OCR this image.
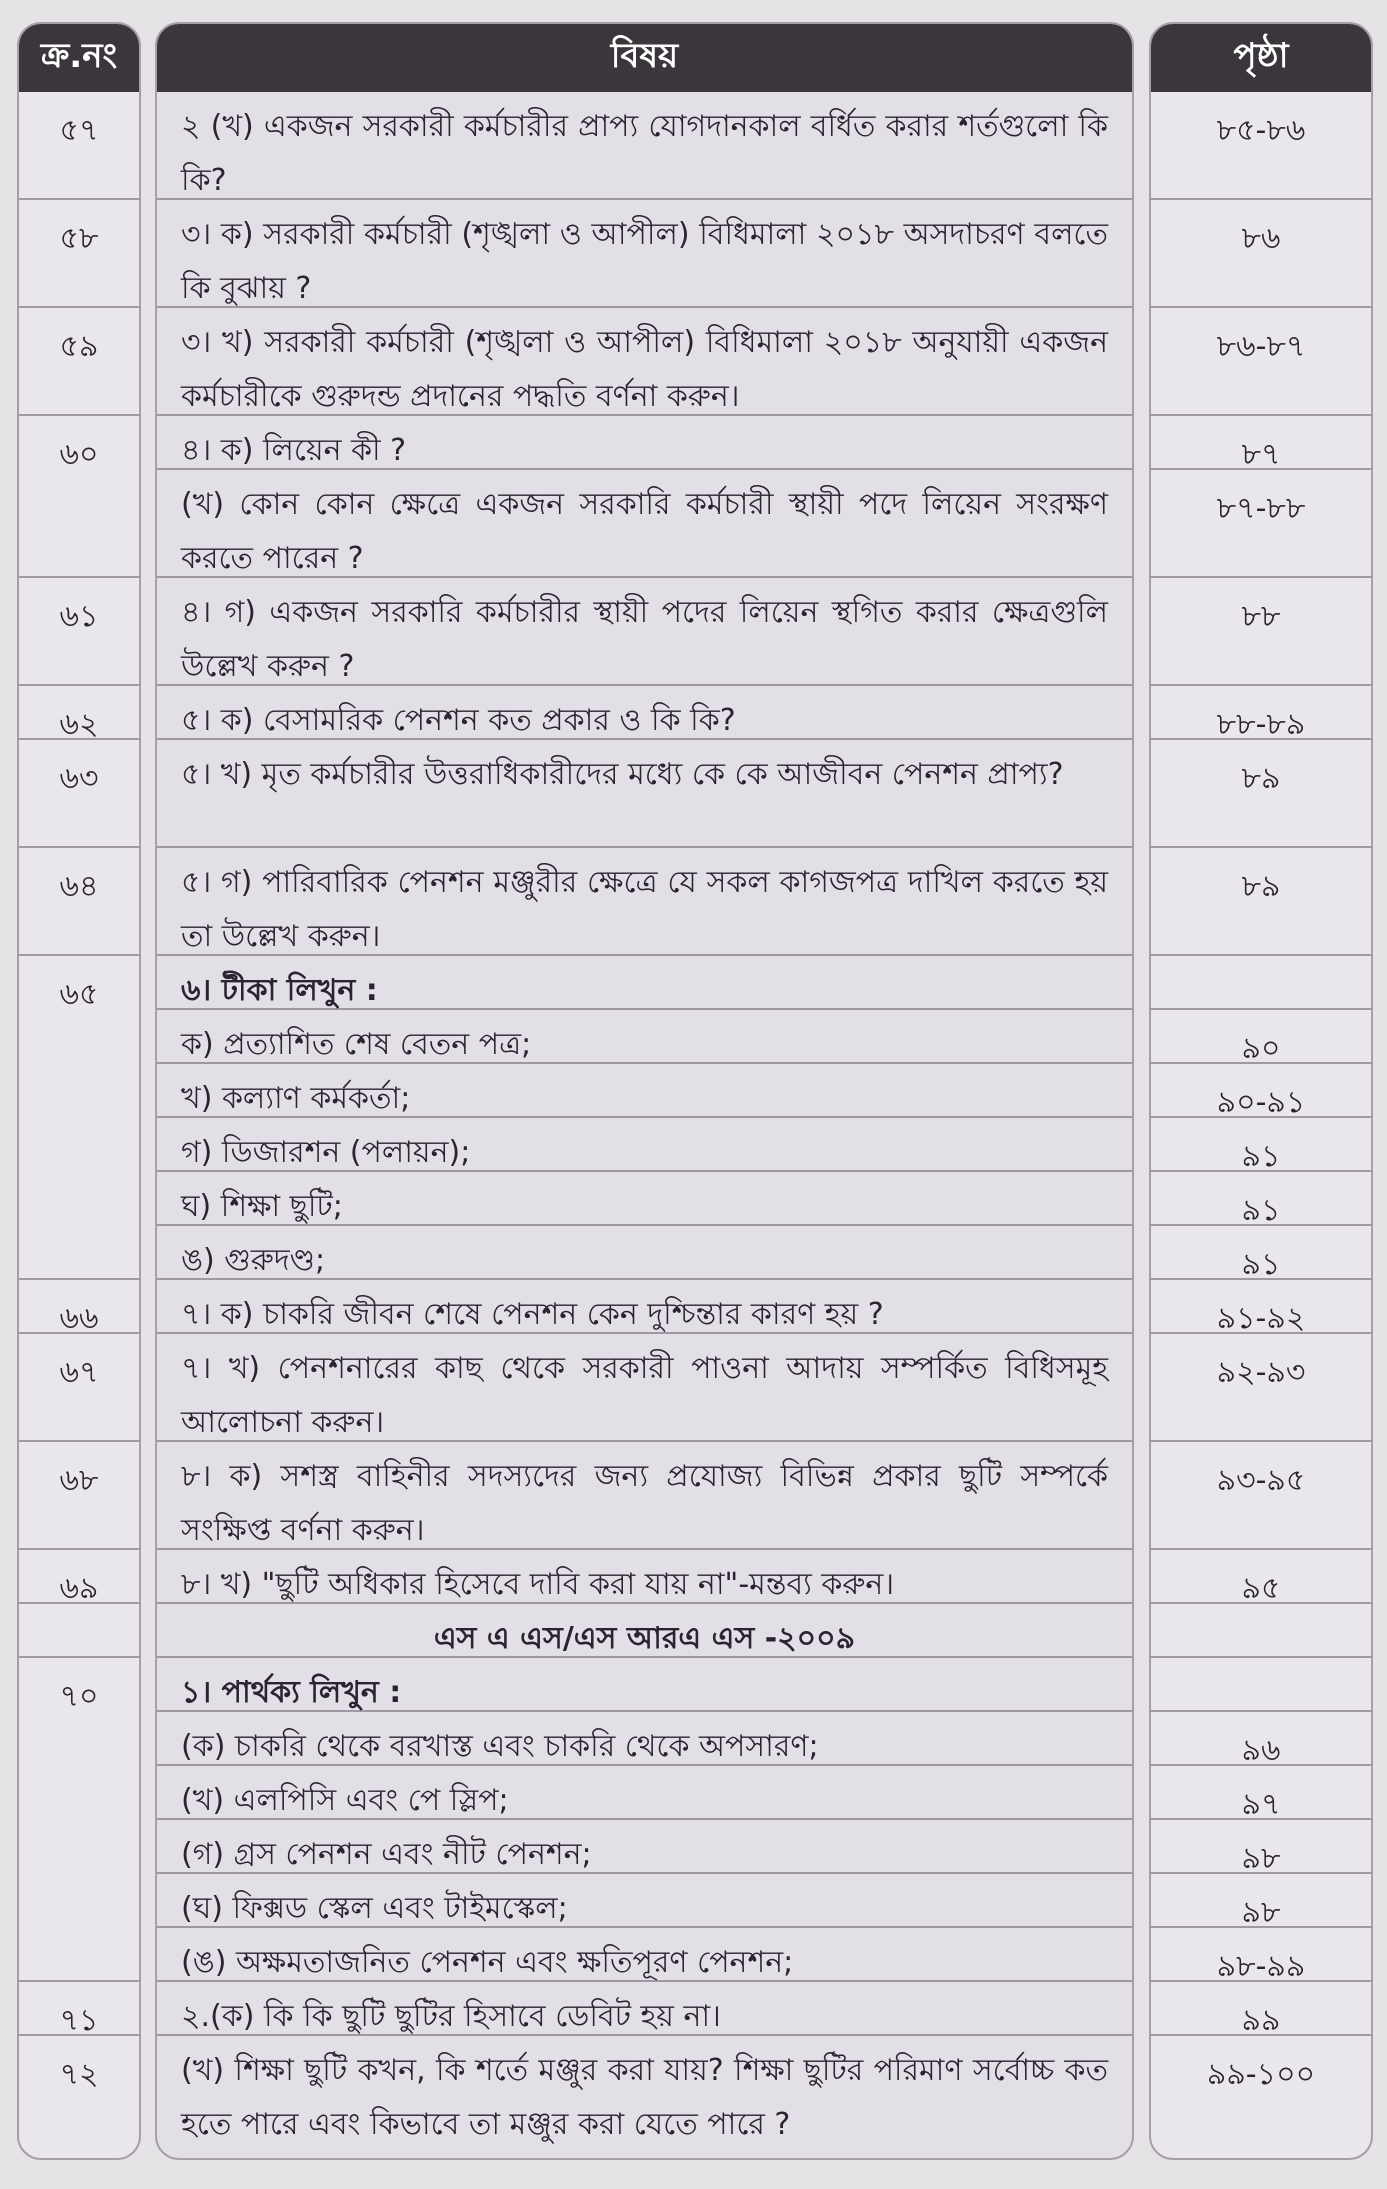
ক্র.নং
৫৭
৫৮
৫৯
৬০
৬১
৬২
৬৩
৬৪
৬৫
৬৬
৬৭
৬৮
৬৯
৭০
৭১
৭২
বিষয়
২ (খ) একজন সরকারী কর্মচারীর প্রাপ্য যোগদানকাল বর্ধিত করার শর্তগুলো কি কি?
৩। ক) সরকারী কর্মচারী (শৃঙ্খলা ও আপীল) বিধিমালা ২০১৮ অসদাচরণ বলতে কি বুঝায় ?
৩। খ) সরকারী কর্মচারী (শৃঙ্খলা ও আপীল) বিধিমালা ২০১৮ অনুযায়ী একজন কর্মচারীকে গুরুদন্ড প্রদানের পদ্ধতি বর্ণনা করুন।
৪। ক) লিয়েন কী ?
(খ) কোন কোন ক্ষেত্রে একজন সরকারি কর্মচারী স্থায়ী পদে লিয়েন সংরক্ষণ করতে পারেন ?
৪। গ) একজন সরকারি কর্মচারীর স্থায়ী পদের লিয়েন স্থগিত করার ক্ষেত্রগুলি উল্লেখ করুন ?
৫। ক) বেসামরিক পেনশন কত প্রকার ও কি কি?
৫। খ) মৃত কর্মচারীর উত্তরাধিকারীদের মধ্যে কে কে আজীবন পেনশন প্রাপ্য?
৫। গ) পারিবারিক পেনশন মঞ্জুরীর ক্ষেত্রে যে সকল কাগজপত্র দাখিল করতে হয় তা উল্লেখ করুন।
৬। টীকা লিখুন :
ক) প্রত্যাশিত শেষ বেতন পত্র;
খ) কল্যাণ কর্মকর্তা;
গ) ডিজারশন (পলায়ন);
ঘ) শিক্ষা ছুটি;
ঙ) গুরুদণ্ড;
৭। ক) চাকরি জীবন শেষে পেনশন কেন দুশ্চিন্তার কারণ হয় ?
৭। খ) পেনশনারের কাছ থেকে সরকারী পাওনা আদায় সম্পর্কিত বিধিসমূহ আলোচনা করুন।
৮। ক) সশস্ত্র বাহিনীর সদস্যদের জন্য প্রযোজ্য বিভিন্ন প্রকার ছুটি সম্পর্কে সংক্ষিপ্ত বর্ণনা করুন।
৮। খ) "ছুটি অধিকার হিসেবে দাবি করা যায় না"-মন্তব্য করুন।
এস এ এস/এস আরএ এস -২০০৯
১। পার্থক্য লিখুন :
(ক) চাকরি থেকে বরখাস্ত এবং চাকরি থেকে অপসারণ;
(খ) এলপিসি এবং পে স্লিপ;
(গ) গ্রস পেনশন এবং নীট পেনশন;
(ঘ) ফিক্সড স্কেল এবং টাইমস্কেল;
(ঙ) অক্ষমতাজনিত পেনশন এবং ক্ষতিপূরণ পেনশন;
২.(ক) কি কি ছুটি ছুটির হিসাবে ডেবিট হয় না।
(খ) শিক্ষা ছুটি কখন, কি শর্তে মঞ্জুর করা যায়? শিক্ষা ছুটির পরিমাণ সর্বোচ্চ কত হতে পারে এবং কিভাবে তা মঞ্জুর করা যেতে পারে ?
পৃষ্ঠা
৮৫-৮৬
৮৬
৮৬-৮৭
৮৭
৮৭-৮৮
৮৮
৮৮-৮৯
৮৯
৮৯
৯০
৯০-৯১
৯১
৯১
৯১
৯১-৯২
৯২-৯৩
৯৩-৯৫
৯৫
৯৬
৯৭
৯৮
৯৮
৯৮-৯৯
৯৯
৯৯-১০০
